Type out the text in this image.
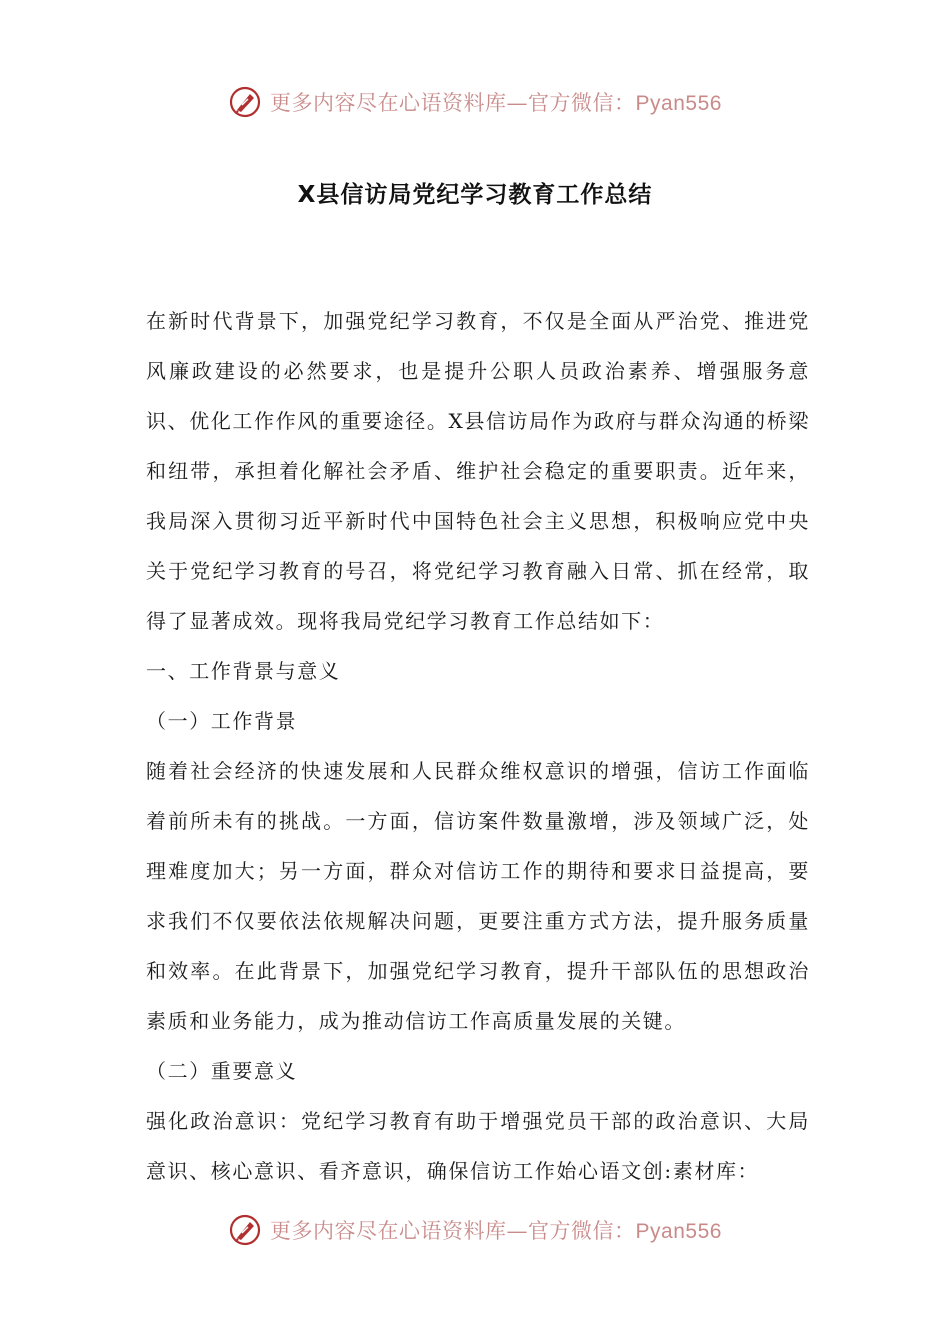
更多内容尽在心语资料库—官方微信：Pyan556
X县信访局党纪学习教育工作总结

在新时代背景下，加强党纪学习教育，不仅是全面从严治党、推进党风廉政建设的必然要求，也是提升公职人员政治素养、增强服务意识、优化工作作风的重要途径。X县信访局作为政府与群众沟通的桥梁和纽带，承担着化解社会矛盾、维护社会稳定的重要职责。近年来，我局深入贯彻习近平新时代中国特色社会主义思想，积极响应党中央关于党纪学习教育的号召，将党纪学习教育融入日常、抓在经常，取得了显著成效。现将我局党纪学习教育工作总结如下：

一、工作背景与意义

（一）工作背景

随着社会经济的快速发展和人民群众维权意识的增强，信访工作面临着前所未有的挑战。一方面，信访案件数量激增，涉及领域广泛，处理难度加大；另一方面，群众对信访工作的期待和要求日益提高，要求我们不仅要依法依规解决问题，更要注重方式方法，提升服务质量和效率。在此背景下，加强党纪学习教育，提升干部队伍的思想政治素质和业务能力，成为推动信访工作高质量发展的关键。

（二）重要意义

强化政治意识：党纪学习教育有助于增强党员干部的政治意识、大局意识、核心意识、看齐意识，确保信访工作始心语文创:素材库：

更多内容尽在心语资料库—官方微信：Pyan556
